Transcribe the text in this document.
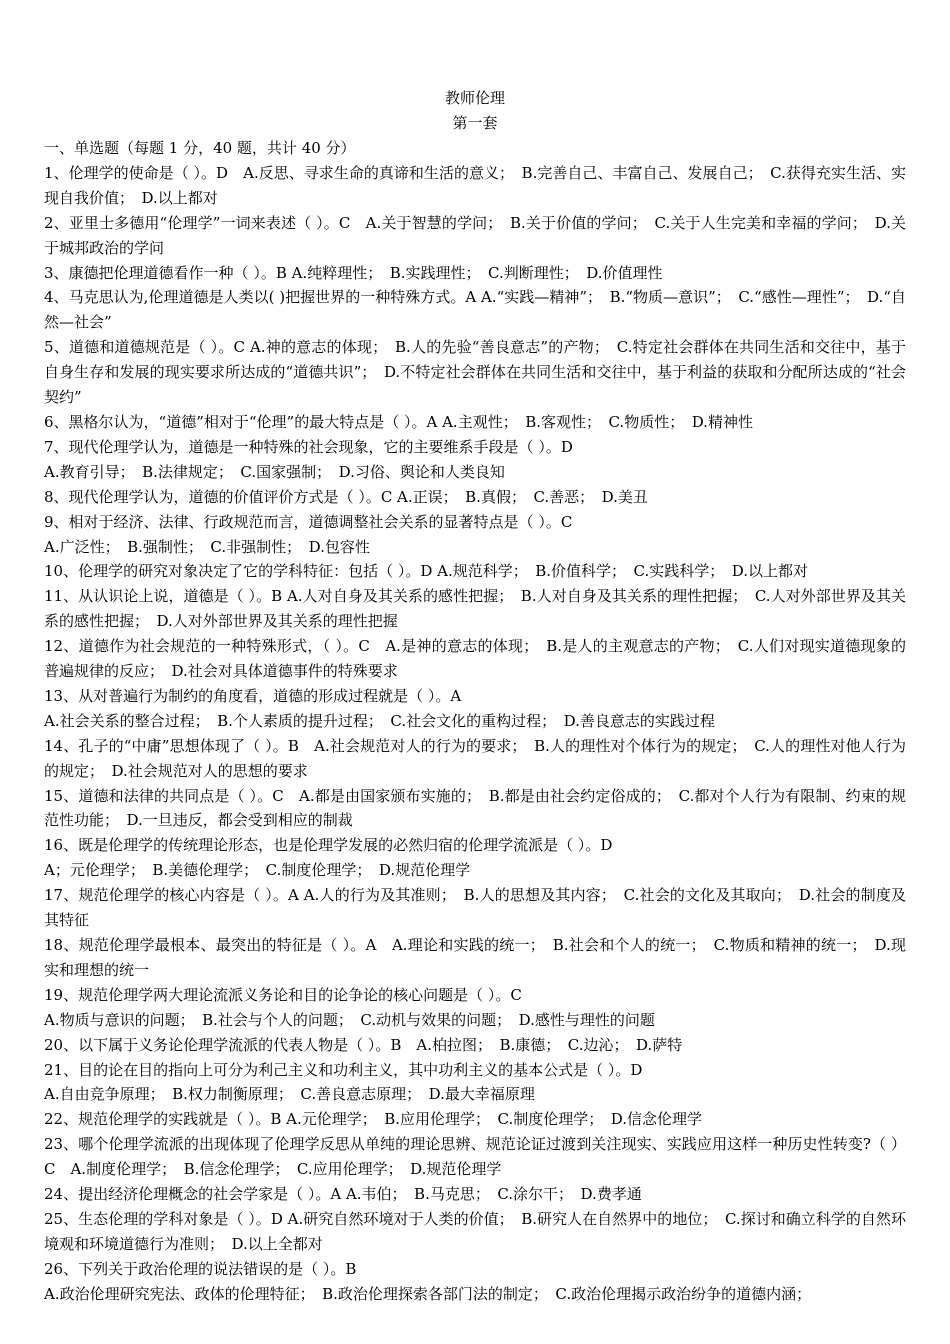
教师伦理
第一套

一、单选题（每题 1 分，40 题，共计 40 分）

1、伦理学的使命是（ ）。D　A.反思、寻求生命的真谛和生活的意义；　B.完善自己、丰富自己、发展自己；　C.获得充实生活、实现自我价值；　D.以上都对

2、亚里士多德用“伦理学”一词来表述（ ）。C　A.关于智慧的学问；　B.关于价值的学问；　C.关于人生完美和幸福的学问；　D.关于城邦政治的学问

3、康德把伦理道德看作一种（ ）。B A.纯粹理性；　B.实践理性；　C.判断理性；　D.价值理性

4、马克思认为,伦理道德是人类以( )把握世界的一种特殊方式。A A.“实践—精神”；　B.“物质—意识”；　C.“感性—理性”；　D.“自然—社会”

5、道德和道德规范是（ ）。C A.神的意志的体现；　B.人的先验“善良意志”的产物；　C.特定社会群体在共同生活和交往中，基于自身生存和发展的现实要求所达成的“道德共识”；　D.不特定社会群体在共同生活和交往中，基于利益的获取和分配所达成的“社会契约”

6、黑格尔认为，“道德”相对于“伦理”的最大特点是（ ）。A A.主观性；　B.客观性；　C.物质性；　D.精神性

7、现代伦理学认为，道德是一种特殊的社会现象，它的主要维系手段是（ ）。D

A.教育引导；　B.法律规定；　C.国家强制；　D.习俗、舆论和人类良知

8、现代伦理学认为，道德的价值评价方式是（ ）。C A.正误；　B.真假；　C.善恶；　D.美丑

9、相对于经济、法律、行政规范而言，道德调整社会关系的显著特点是（ ）。C

A.广泛性；　B.强制性；　C.非强制性；　D.包容性

10、伦理学的研究对象决定了它的学科特征：包括（ ）。D A.规范科学；　B.价值科学；　C.实践科学；　D.以上都对

11、从认识论上说，道德是（ ）。B A.人对自身及其关系的感性把握；　B.人对自身及其关系的理性把握；　C.人对外部世界及其关系的感性把握；　D.人对外部世界及其关系的理性把握

12、道德作为社会规范的一种特殊形式，（ ）。C　A.是神的意志的体现；　B.是人的主观意志的产物；　C.人们对现实道德现象的普遍规律的反应；　D.社会对具体道德事件的特殊要求

13、从对普遍行为制约的角度看，道德的形成过程就是（ ）。A

A.社会关系的整合过程；　B.个人素质的提升过程；　C.社会文化的重构过程；　D.善良意志的实践过程

14、孔子的“中庸”思想体现了（ ）。B　A.社会规范对人的行为的要求；　B.人的理性对个体行为的规定；　C.人的理性对他人行为的规定；　D.社会规范对人的思想的要求

15、道德和法律的共同点是（ ）。C　A.都是由国家颁布实施的；　B.都是由社会约定俗成的；　C.都对个人行为有限制、约束的规范性功能；　D.一旦违反，都会受到相应的制裁

16、既是伦理学的传统理论形态，也是伦理学发展的必然归宿的伦理学流派是（ ）。D

A；元伦理学；　B.美德伦理学；　C.制度伦理学；　D.规范伦理学

17、规范伦理学的核心内容是（ ）。A A.人的行为及其准则；　B.人的思想及其内容；　C.社会的文化及其取向；　D.社会的制度及其特征

18、规范伦理学最根本、最突出的特征是（ ）。A　A.理论和实践的统一；　B.社会和个人的统一；　C.物质和精神的统一；　D.现实和理想的统一

19、规范伦理学两大理论流派义务论和目的论争论的核心问题是（ ）。C

A.物质与意识的问题；　B.社会与个人的问题；　C.动机与效果的问题；　D.感性与理性的问题

20、以下属于义务论伦理学流派的代表人物是（ ）。B　A.柏拉图；　B.康德；　C.边沁；　D.萨特

21、目的论在目的指向上可分为利己主义和功利主义，其中功利主义的基本公式是（ ）。D

A.自由竞争原理；　B.权力制衡原理；　C.善良意志原理；　D.最大幸福原理

22、规范伦理学的实践就是（ ）。B A.元伦理学；　B.应用伦理学；　C.制度伦理学；　D.信念伦理学

23、哪个伦理学流派的出现体现了伦理学反思从单纯的理论思辨、规范论证过渡到关注现实、实践应用这样一种历史性转变?（ ）C　A.制度伦理学；　B.信念伦理学；　C.应用伦理学；　D.规范伦理学

24、提出经济伦理概念的社会学家是（ ）。A A.韦伯；　B.马克思；　C.涂尔干；　D.费孝通

25、生态伦理的学科对象是（ ）。D A.研究自然环境对于人类的价值；　B.研究人在自然界中的地位；　C.探讨和确立科学的自然环境观和环境道德行为准则；　D.以上全都对

26、下列关于政治伦理的说法错误的是（ ）。B

A.政治伦理研究宪法、政体的伦理特征；　B.政治伦理探索各部门法的制定；　C.政治伦理揭示政治纷争的道德内涵；
